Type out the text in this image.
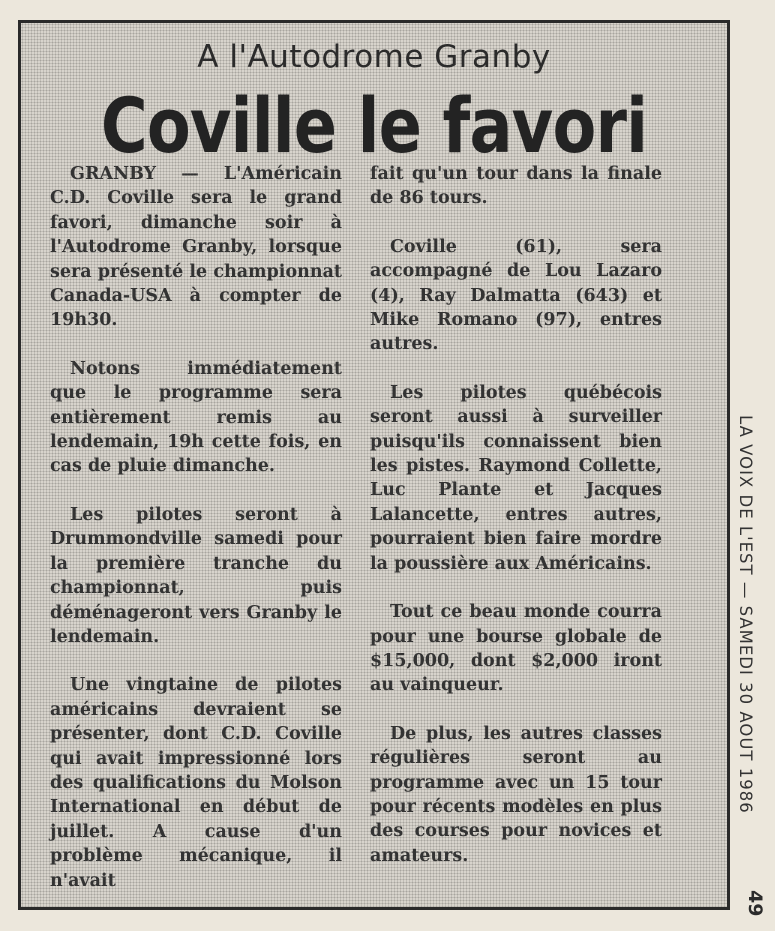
A l'Autodrome Granby
Coville le favori

GRANBY — L'Américain C.D. Coville sera le grand favori, dimanche soir à l'Autodrome Granby, lorsque sera présenté le championnat Canada-USA à compter de 19h30.

Notons immédiatement que le programme sera entièrement remis au lendemain, 19h cette fois, en cas de pluie dimanche.

Les pilotes seront à Drummondville samedi pour la première tranche du championnat, puis déménageront vers Granby le lendemain.

Une vingtaine de pilotes américains devraient se présenter, dont C.D. Coville qui avait impressionné lors des qualifications du Molson International en début de juillet. A cause d'un problème mécanique, il n'avait

fait qu'un tour dans la finale de 86 tours.

Coville (61), sera accompagné de Lou Lazaro (4), Ray Dalmatta (643) et Mike Romano (97), entres autres.

Les pilotes québécois seront aussi à surveiller puisqu'ils connaissent bien les pistes. Raymond Collette, Luc Plante et Jacques Lalancette, entres autres, pourraient bien faire mordre la poussière aux Américains.

Tout ce beau monde courra pour une bourse globale de $15,000, dont $2,000 iront au vainqueur.

De plus, les autres classes régulières seront au programme avec un 15 tour pour récents modèles en plus des courses pour novices et amateurs.

LA VOIX DE L'EST — SAMEDI 30 AOUT 1986
49
